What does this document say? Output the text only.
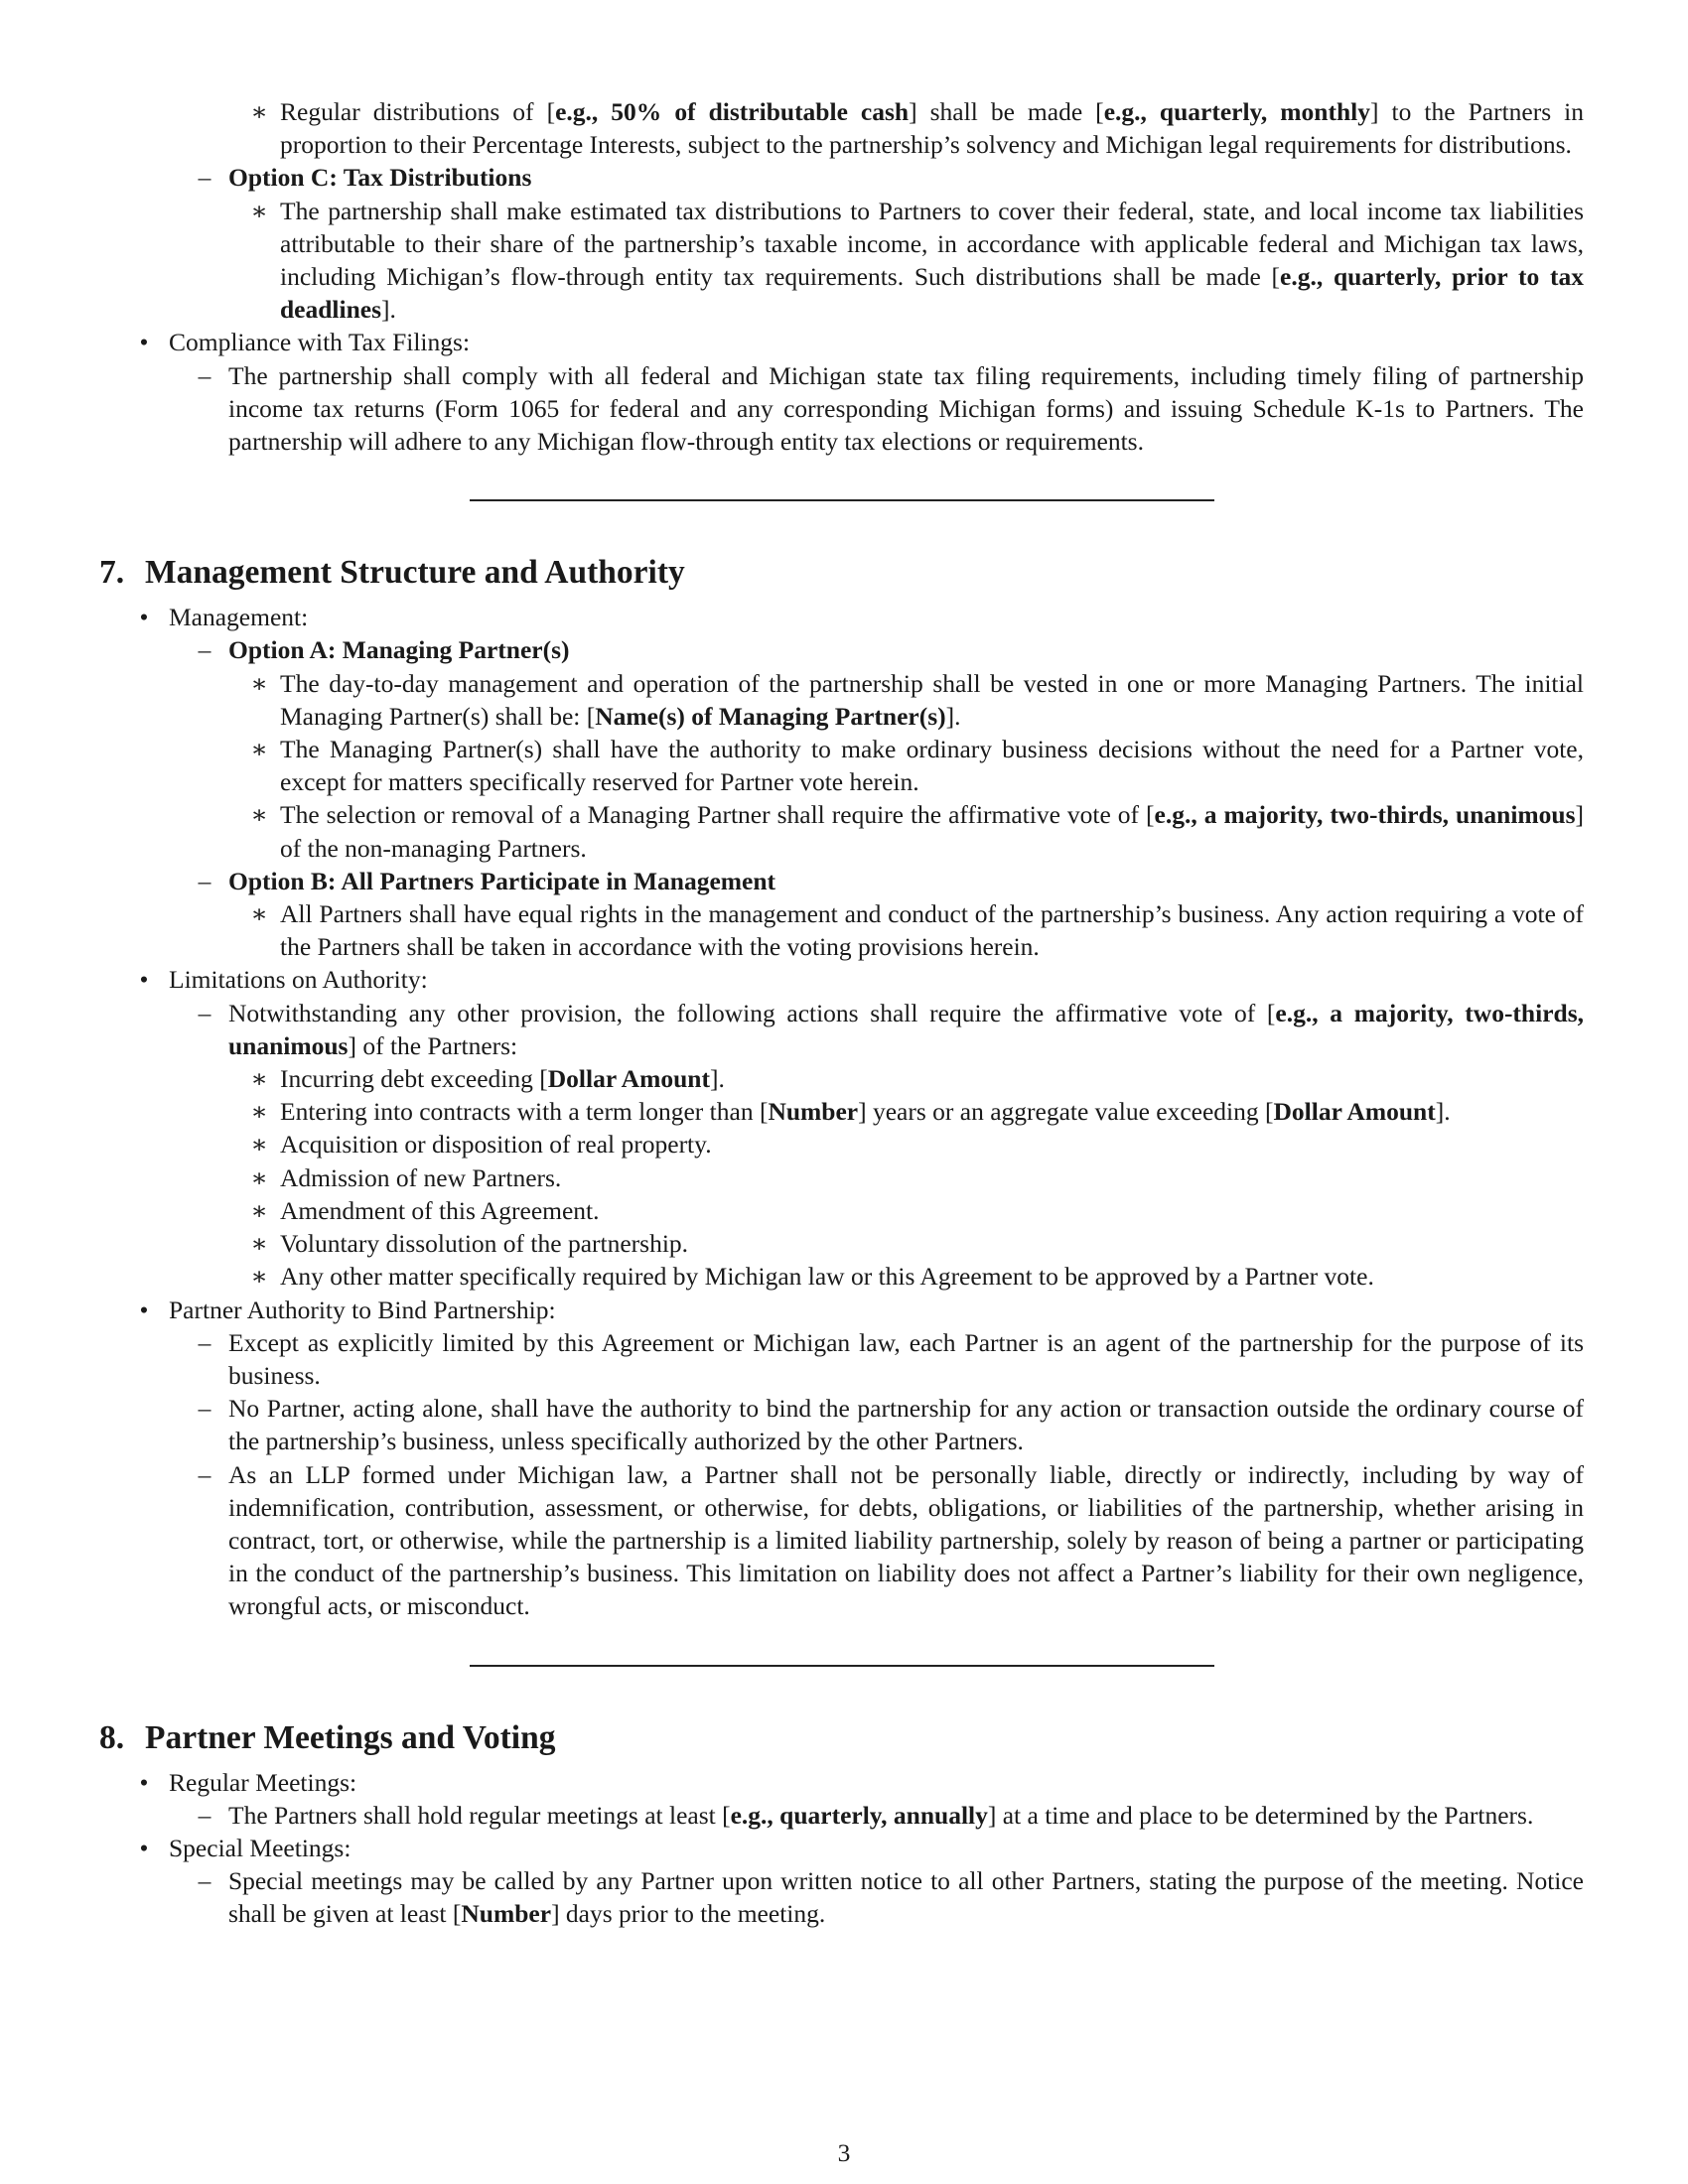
∗ Regular distributions of [e.g., 50% of distributable cash] shall be made [e.g., quarterly, monthly] to the Partners in proportion to their Percentage Interests, subject to the partnership’s solvency and Michigan legal requirements for distributions.

– Option C: Tax Distributions

∗ The partnership shall make estimated tax distributions to Partners to cover their federal, state, and local income tax liabilities attributable to their share of the partnership’s taxable income, in accordance with applicable federal and Michigan tax laws, including Michigan’s flow-through entity tax requirements. Such distributions shall be made [e.g., quarterly, prior to tax deadlines].

• Compliance with Tax Filings:

– The partnership shall comply with all federal and Michigan state tax filing requirements, including timely filing of partnership income tax returns (Form 1065 for federal and any corresponding Michigan forms) and issuing Schedule K-1s to Partners. The partnership will adhere to any Michigan flow-through entity tax elections or requirements.

7. Management Structure and Authority
• Management:

– Option A: Managing Partner(s)

∗ The day-to-day management and operation of the partnership shall be vested in one or more Managing Partners. The initial Managing Partner(s) shall be: [Name(s) of Managing Partner(s)].

∗ The Managing Partner(s) shall have the authority to make ordinary business decisions without the need for a Partner vote, except for matters specifically reserved for Partner vote herein.

∗ The selection or removal of a Managing Partner shall require the affirmative vote of [e.g., a majority, two-thirds, unanimous] of the non-managing Partners.

– Option B: All Partners Participate in Management

∗ All Partners shall have equal rights in the management and conduct of the partnership’s business. Any action requiring a vote of the Partners shall be taken in accordance with the voting provisions herein.

• Limitations on Authority:

– Notwithstanding any other provision, the following actions shall require the affirmative vote of [e.g., a majority, two-thirds, unanimous] of the Partners:

∗ Incurring debt exceeding [Dollar Amount].

∗ Entering into contracts with a term longer than [Number] years or an aggregate value exceeding [Dollar Amount].

∗ Acquisition or disposition of real property.

∗ Admission of new Partners.

∗ Amendment of this Agreement.

∗ Voluntary dissolution of the partnership.

∗ Any other matter specifically required by Michigan law or this Agreement to be approved by a Partner vote.

• Partner Authority to Bind Partnership:

– Except as explicitly limited by this Agreement or Michigan law, each Partner is an agent of the partnership for the purpose of its business.

– No Partner, acting alone, shall have the authority to bind the partnership for any action or transaction outside the ordinary course of the partnership’s business, unless specifically authorized by the other Partners.

– As an LLP formed under Michigan law, a Partner shall not be personally liable, directly or indirectly, including by way of indemnification, contribution, assessment, or otherwise, for debts, obligations, or liabilities of the partnership, whether arising in contract, tort, or otherwise, while the partnership is a limited liability partnership, solely by reason of being a partner or participating in the conduct of the partnership’s business. This limitation on liability does not affect a Partner’s liability for their own negligence, wrongful acts, or misconduct.

8. Partner Meetings and Voting
• Regular Meetings:

– The Partners shall hold regular meetings at least [e.g., quarterly, annually] at a time and place to be determined by the Partners.

• Special Meetings:

– Special meetings may be called by any Partner upon written notice to all other Partners, stating the purpose of the meeting. Notice shall be given at least [Number] days prior to the meeting.

3
